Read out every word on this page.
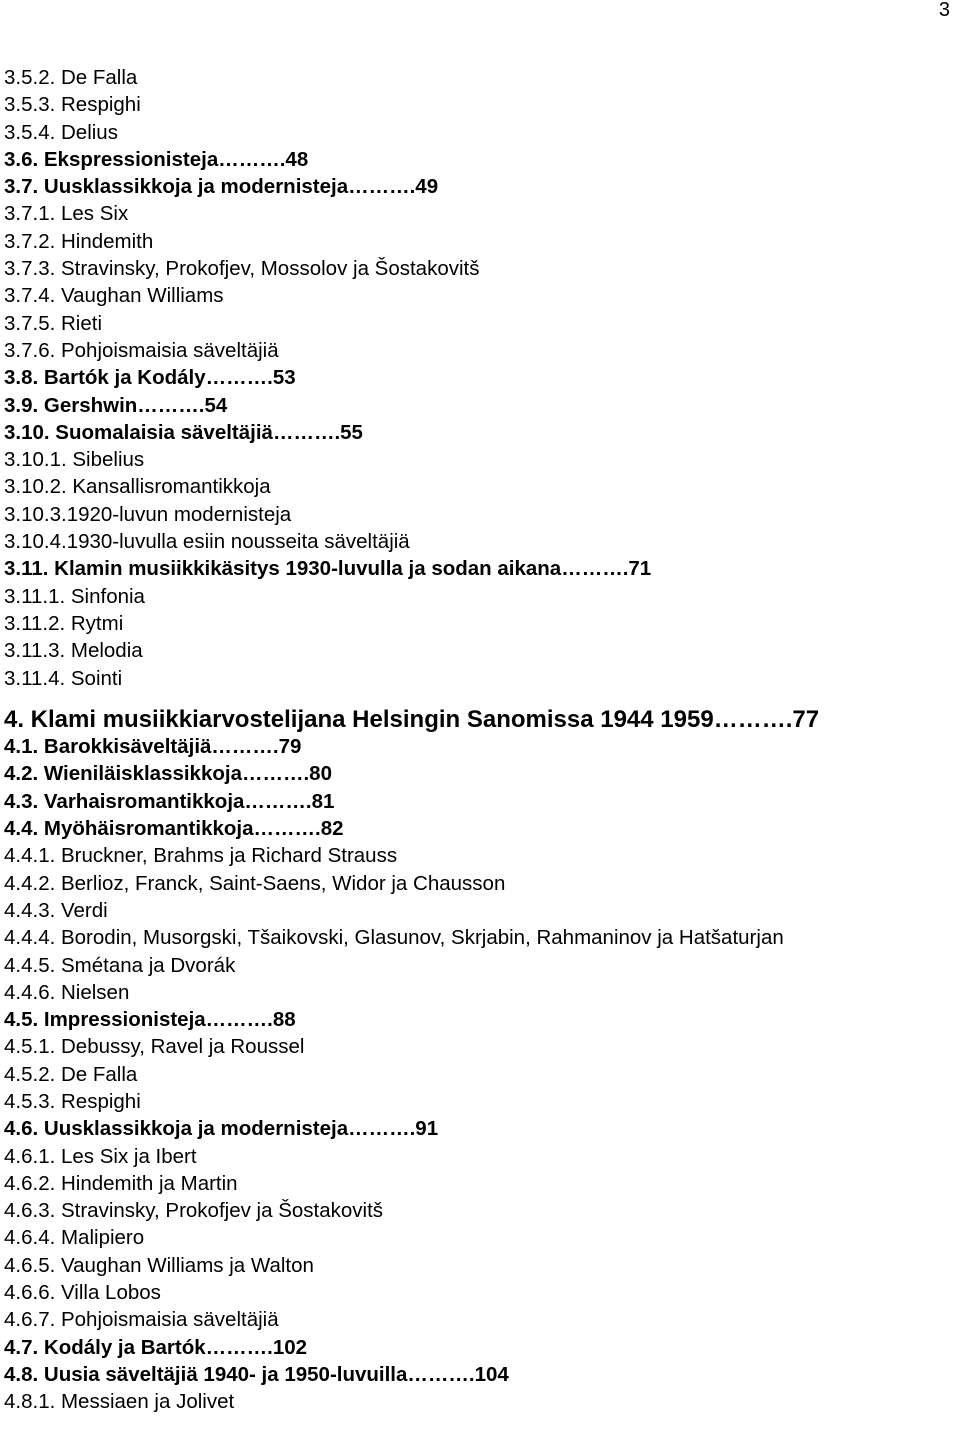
3
3.5.2. De Falla
3.5.3. Respighi
3.5.4. Delius
3.6. Ekspressionisteja……….48
3.7. Uusklassikkoja ja modernisteja……….49
3.7.1. Les Six
3.7.2. Hindemith
3.7.3. Stravinsky, Prokofjev, Mossolov ja Šostakovitš
3.7.4. Vaughan Williams
3.7.5. Rieti
3.7.6. Pohjoismaisia säveltäjiä
3.8. Bartók ja Kodály……….53
3.9. Gershwin……….54
3.10. Suomalaisia säveltäjiä……….55
3.10.1. Sibelius
3.10.2. Kansallisromantikkoja
3.10.3.1920-luvun modernisteja
3.10.4.1930-luvulla esiin nousseita säveltäjiä
3.11. Klamin musiikkikäsitys 1930-luvulla ja sodan aikana……….71
3.11.1. Sinfonia
3.11.2. Rytmi
3.11.3. Melodia
3.11.4. Sointi
4. Klami musiikkiarvostelijana Helsingin Sanomissa 1944 1959……….77
4.1. Barokkisäveltäjiä……….79
4.2. Wieniläisklassikkoja……….80
4.3. Varhaisromantikkoja……….81
4.4. Myöhäisromantikkoja……….82
4.4.1. Bruckner, Brahms ja Richard Strauss
4.4.2. Berlioz, Franck, Saint-Saens, Widor ja Chausson
4.4.3. Verdi
4.4.4. Borodin, Musorgski, Tšaikovski, Glasunov, Skrjabin, Rahmaninov ja Hatšaturjan
4.4.5. Smétana ja Dvorák
4.4.6. Nielsen
4.5. Impressionisteja……….88
4.5.1. Debussy, Ravel ja Roussel
4.5.2. De Falla
4.5.3. Respighi
4.6. Uusklassikkoja ja modernisteja……….91
4.6.1. Les Six ja Ibert
4.6.2. Hindemith ja Martin
4.6.3. Stravinsky, Prokofjev ja Šostakovitš
4.6.4. Malipiero
4.6.5. Vaughan Williams ja Walton
4.6.6. Villa Lobos
4.6.7. Pohjoismaisia säveltäjiä
4.7. Kodály ja Bartók……….102
4.8. Uusia säveltäjiä 1940- ja 1950-luvuilla……….104
4.8.1. Messiaen ja Jolivet
